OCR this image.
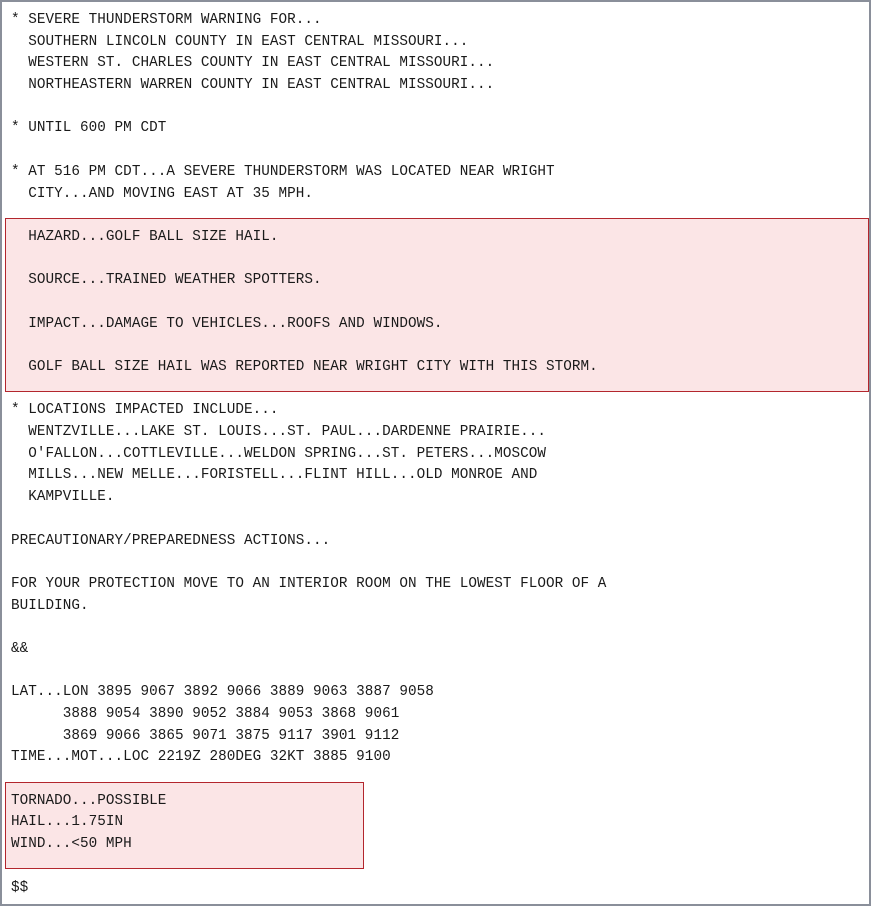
* SEVERE THUNDERSTORM WARNING FOR...
SOUTHERN LINCOLN COUNTY IN EAST CENTRAL MISSOURI...
WESTERN ST. CHARLES COUNTY IN EAST CENTRAL MISSOURI...
NORTHEASTERN WARREN COUNTY IN EAST CENTRAL MISSOURI...
* UNTIL 600 PM CDT
* AT 516 PM CDT...A SEVERE THUNDERSTORM WAS LOCATED NEAR WRIGHT
CITY...AND MOVING EAST AT 35 MPH.
HAZARD...GOLF BALL SIZE HAIL.
SOURCE...TRAINED WEATHER SPOTTERS.
IMPACT...DAMAGE TO VEHICLES...ROOFS AND WINDOWS.
GOLF BALL SIZE HAIL WAS REPORTED NEAR WRIGHT CITY WITH THIS STORM.
* LOCATIONS IMPACTED INCLUDE...
WENTZVILLE...LAKE ST. LOUIS...ST. PAUL...DARDENNE PRAIRIE...
O'FALLON...COTTLEVILLE...WELDON SPRING...ST. PETERS...MOSCOW
MILLS...NEW MELLE...FORISTELL...FLINT HILL...OLD MONROE AND
KAMPVILLE.
PRECAUTIONARY/PREPAREDNESS ACTIONS...
FOR YOUR PROTECTION MOVE TO AN INTERIOR ROOM ON THE LOWEST FLOOR OF A
BUILDING.
&&
LAT...LON 3895 9067 3892 9066 3889 9063 3887 9058
3888 9054 3890 9052 3884 9053 3868 9061
3869 9066 3865 9071 3875 9117 3901 9112
TIME...MOT...LOC 2219Z 280DEG 32KT 3885 9100
TORNADO...POSSIBLE
HAIL...1.75IN
WIND...<50 MPH
$$
